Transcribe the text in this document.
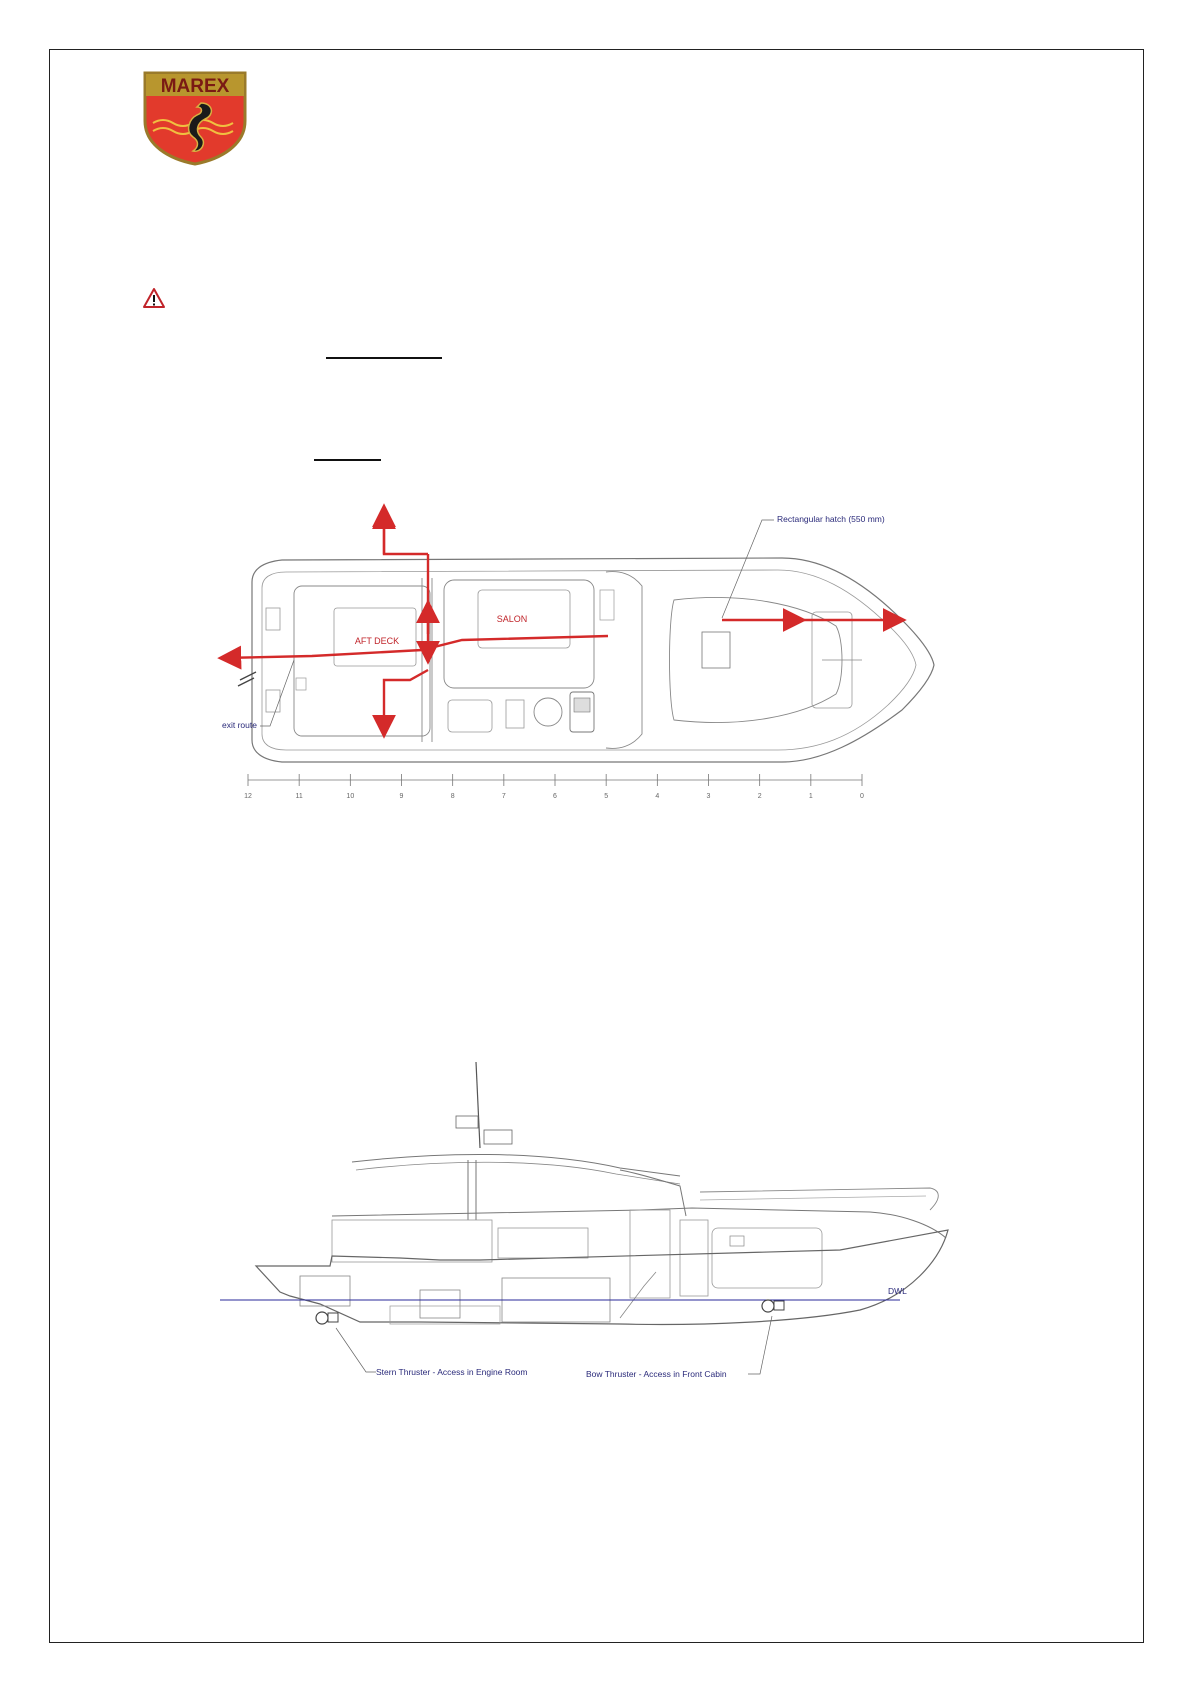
MAREX
AFT DECK
SALON
Rectangular hatch (550 mm)
exit route
12	11	10	9	8	7	6	5	4	3	2	1	0
DWL
Stern Thruster - Access in Engine Room	Bow Thruster - Access in Front Cabin
